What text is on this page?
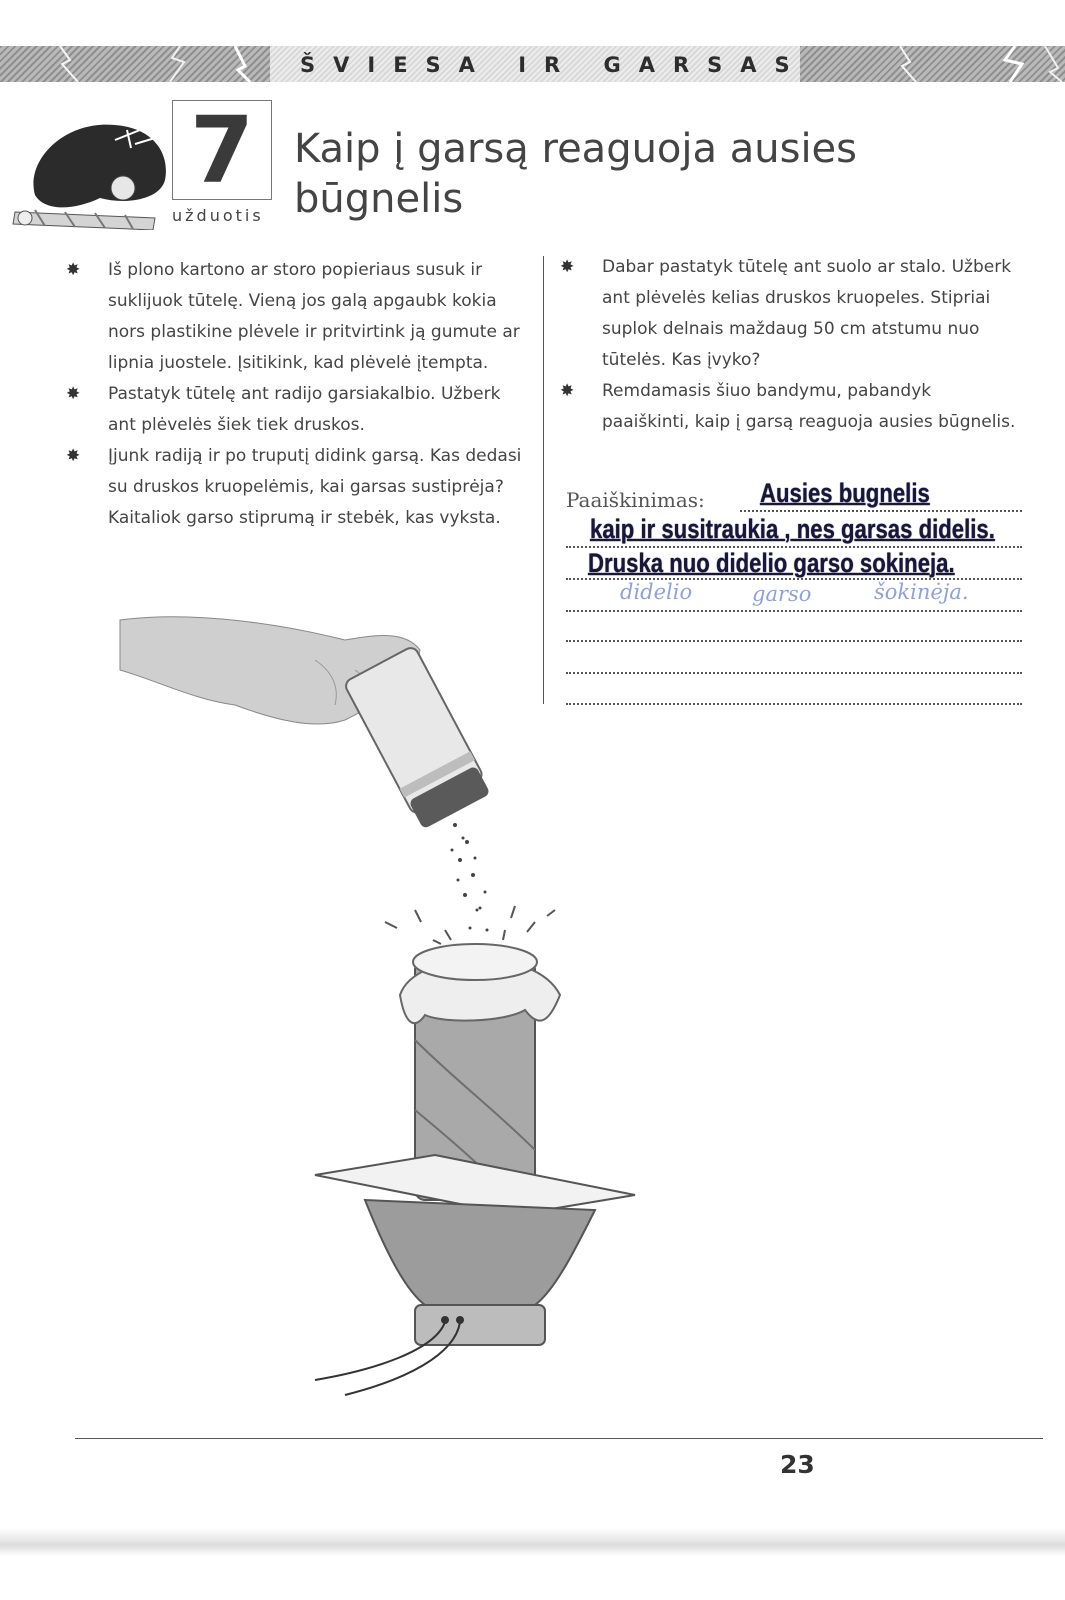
ŠVIESA IR GARSAS
7
užduotis
Kaip į garsą reaguoja ausies
būgnelis
✸ Iš plono kartono ar storo popieriaus susuk ir suklijuok tūtelę. Vieną jos galą apgaubk kokia nors plastikine plėvele ir pritvirtink ją gumute ar lipnia juostele. Įsitikink, kad plėvelė įtempta.
✸ Pastatyk tūtelę ant radijo garsiakalbio. Užberk ant plėvelės šiek tiek druskos.
✸ Įjunk radiją ir po truputį didink garsą. Kas dedasi su druskos kruopelėmis, kai garsas sustiprėja? Kaitaliok garso stiprumą ir stebėk, kas vyksta.
✸ Dabar pastatyk tūtelę ant suolo ar stalo. Užberk ant plėvelės kelias druskos kruopeles. Stipriai suplok delnais maždaug 50 cm atstumu nuo tūtelės. Kas įvyko?
✸ Remdamasis šiuo bandymu, pabandyk paaiškinti, kaip į garsą reaguoja ausies būgnelis.
Paaiškinimas:
didelio	garso	šokinėja.
Ausies bugnelis
kaip ir susitraukia , nes garsas didelis.
Druska nuo didelio garso sokineja.
23
